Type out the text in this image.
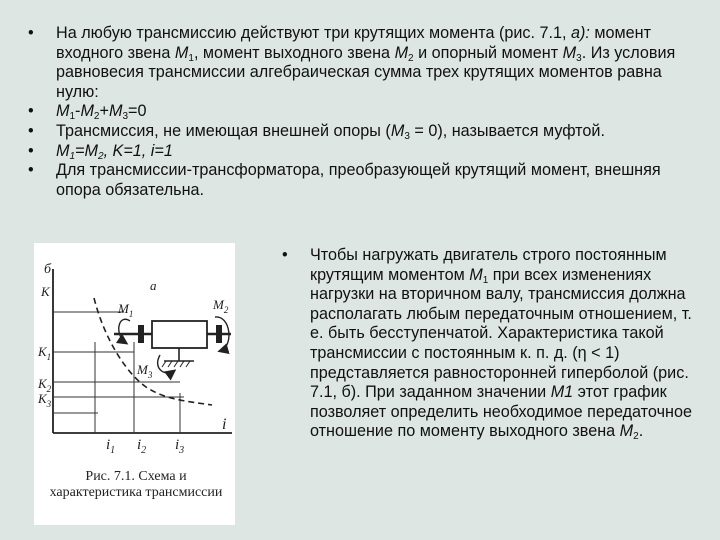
•	На любую трансмиссию действуют три крутящих момента (рис. 7.1, а): момент входного звена $М_1$, момент выходного звена $М_2$ и опорный момент $М_3$. Из условия равновесия трансмиссии алгебраическая сумма трех крутящих моментов равна нулю:
•	$М_1-М_2+М_3=0$
•	Трансмиссия, не имеющая внешней опоры $(М_3 = 0)$, называется муфтой.
•	$М_1=М_2$, K=1, i=1
•	Для трансмиссии-трансформатора, преобразующей крутящий момент, внешняя опора обязательна.
б
K
i
$K_1$
$K_2$
$K_3$
а
$M_1$
$M_2$
$M_3$
$i_1$ $i_2$ $i_3$
Рис. 7.1. Схема и характеристика трансмиссии
•	Чтобы нагружать двигатель строго постоянным крутящим моментом $М_1$ при всех изменениях нагрузки на вторичном валу, трансмиссия должна располагать любым передаточным отношением, т. е. быть бесступенчатой. Характеристика такой трансмиссии с постоянным к. п. д. (η < 1) представляется равносторонней гиперболой (рис. 7.1, б). При заданном значении М1 этот график позволяет определить необходимое передаточное отношение по моменту выходного звена $М_2$.
